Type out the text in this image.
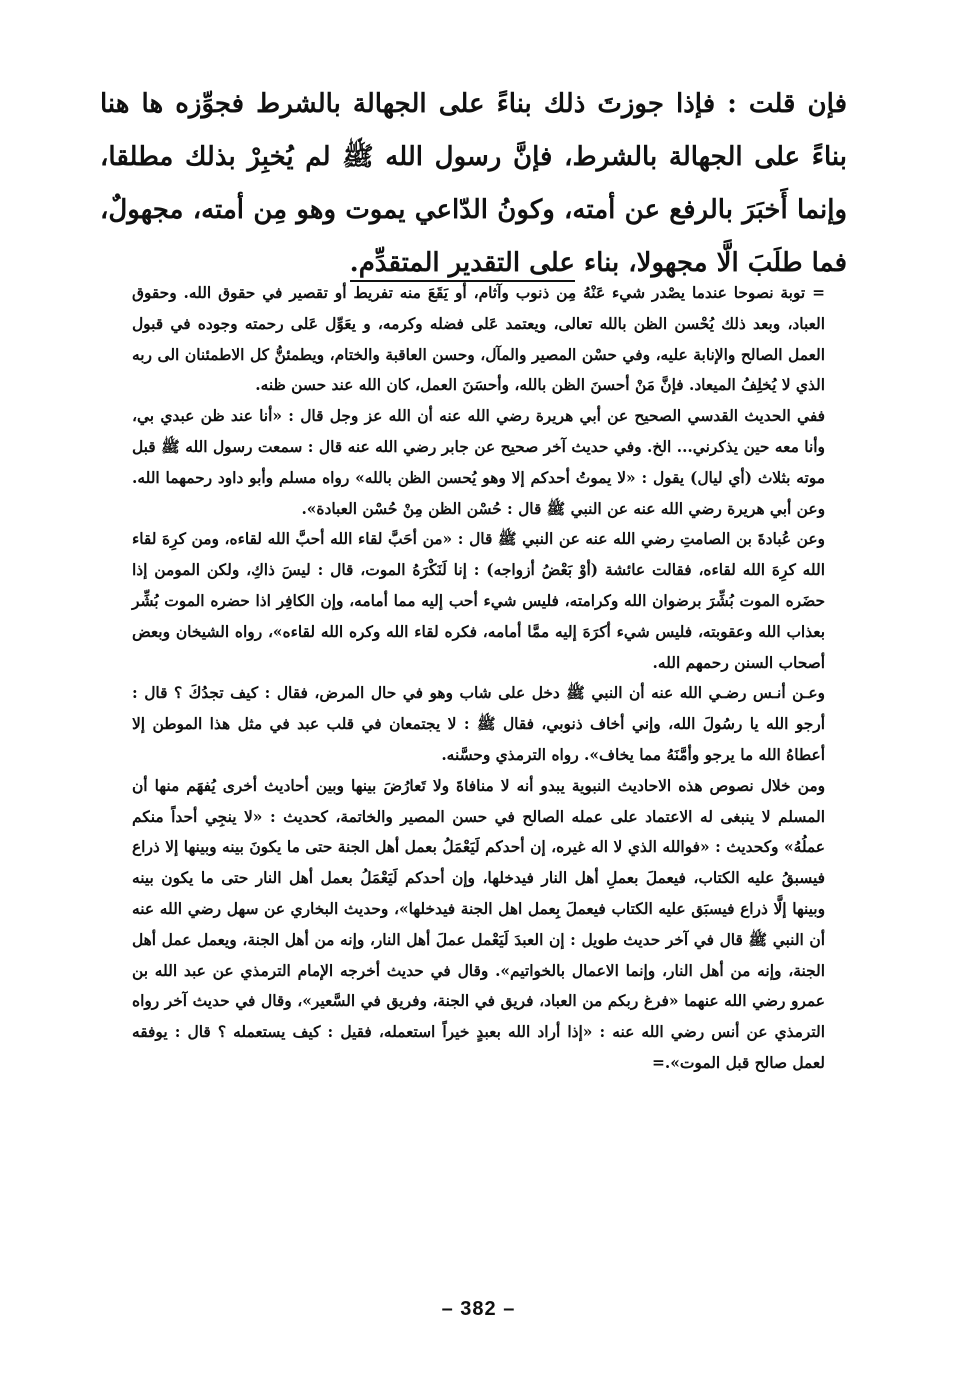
فإن قلت : فإذا جوزتَ ذلك بناءً على الجهالة بالشرط فجوِّزه ها هنا بناءً على الجهالة بالشرط، فإنَّ رسول الله ﷺ لم يُخبِرْ بذلك مطلقا، وإنما أَخبَرَ بالرفع عن أمته، وكونُ الدّاعي يموت وهو مِن أمته، مجهولٌ، فما طلَبَ الَّا مجهولا، بناء على التقدير المتقدِّم.

= توبة نصوحا عندما يصْدر شيء عَنْهُ مِن ذنوب وآثام، أو يَقَعَ منه تفريط أو تقصير في حقوق الله. وحقوق العباد، وبعد ذلك يُحْسن الظن بالله تعالى، ويعتمد عَلى فضله وكرمه، و يعَوِّل عَلى رحمته وجوده في قبول العمل الصالح والإنابة عليه، وفي حسْن المصير والمآل، وحسن العاقبة والختام، ويطمئنُّ كل الاطمئنان الى ربه الذي لا يُخلِفُ الميعاد. فإنَّ مَنْ أحسنَ الظن بالله، وأحسَنَ العمل، كان الله عند حسن ظنه.

ففي الحديث القدسي الصحيح عن أبي هريرة رضي الله عنه أن الله عز وجل قال : «أنا عند ظن عبدي بي، وأنا معه حين يذكرني... الخ. وفي حديث آخر صحيح عن جابر رضي الله عنه قال : سمعت رسول الله ﷺ قبل موته بثلاث (أي ليال) يقول : «لا يموتُ أحدكم إلا وهو يُحسن الظن بالله» رواه مسلم وأبو داود رحمهما الله. وعن أبي هريرة رضي الله عنه عن النبي ﷺ قال : حُسْن الظن مِنْ حُسْن العبادة».

وعن عُبادةَ بن الصامتِ رضي الله عنه عن النبي ﷺ قال : «من أحَبَّ لقاء الله أحبَّ الله لقاءه، ومن كرِهَ لقاء الله كرِهَ الله لقاءه، فقالت عائشة (أوْ بَعْضُ أزواجه) : إنا لَنَكْرَهُ الموت، قال : ليسَ ذاكِ، ولكن المومن إذا حضَره الموت بُشِّرَ برضوان الله وكرامته، فليس شيء أحب إليه مما أمامه، وإن الكافِر اذا حضره الموت بُشِّر بعذاب الله وعقوبته، فليس شيء أكرَهَ إليه ممَّا أمامه، فكره لقاء الله وكره الله لقاءه»، رواه الشيخان وبعض أصحاب السنن رحمهم الله.

وعـن أنـس رضـي الله عنه أن النبي ﷺ دخل على شاب وهو في حال المرض، فقال : كيف تجدُكَ ؟ قال : أرجو الله يا رسُولَ الله، وإني أخاف ذنوبي، فقال ﷺ : لا يجتمعان في قلب عبد في مثل هذا الموطن إلا أعطاهُ الله ما يرجو وأمَّنَهُ مما يخاف». رواه الترمذي وحسَّنه.

ومن خلال نصوص هذه الاحاديث النبوية يبدو أنه لا منافاةَ ولا تَعارُضَ بينها وبين أحاديث أخرى يُفهَم منها أن المسلم لا ينبغى له الاعتماد على عمله الصالح في حسن المصير والخاتمة، كحديث : «لا ينجِي أحداً منكم عملُهُ» وكحديث : «فوالله الذي لا اله غيره، إن أحدكم لَيَعْمَلُ بعمل أهل الجنة حتى ما يكونَ بينه وبينها إلا ذراع فيسبقُ عليه الكتاب، فيعملَ بعملِ أهل النار فيدخلها، وإن أحدكم لَيَعْمَلُ بعمل أهل النار حتى ما يكون بينه وبينها إلَّا ذراع فيسبَق عليه الكتاب فيعملَ بِعمل اهل الجنة فيدخلها»، وحديث البخاري عن سهل رضي الله عنه أن النبي ﷺ قال في آخر حديث طويل : إن العبدَ لَيَعْمل عملَ أهل النار، وإنه من أهل الجنة، ويعمل عمل أهل الجنة، وإنه من أهل النار، وإنما الاعمال بالخواتيم». وقال في حديث أخرجه الإمام الترمذي عن عبد الله بن عمرو رضي الله عنهما «فرغ ربكم من العباد، فريق في الجنة، وفريق في السَّعير»، وقال في حديث آخر رواه الترمذي عن أنس رضي الله عنه : «إذا أراد الله بعبدٍ خيراً استعمله، فقيل : كيف يستعمله ؟ قال : يوفقه لعمل صالح قبل الموت».=

– 382 –
